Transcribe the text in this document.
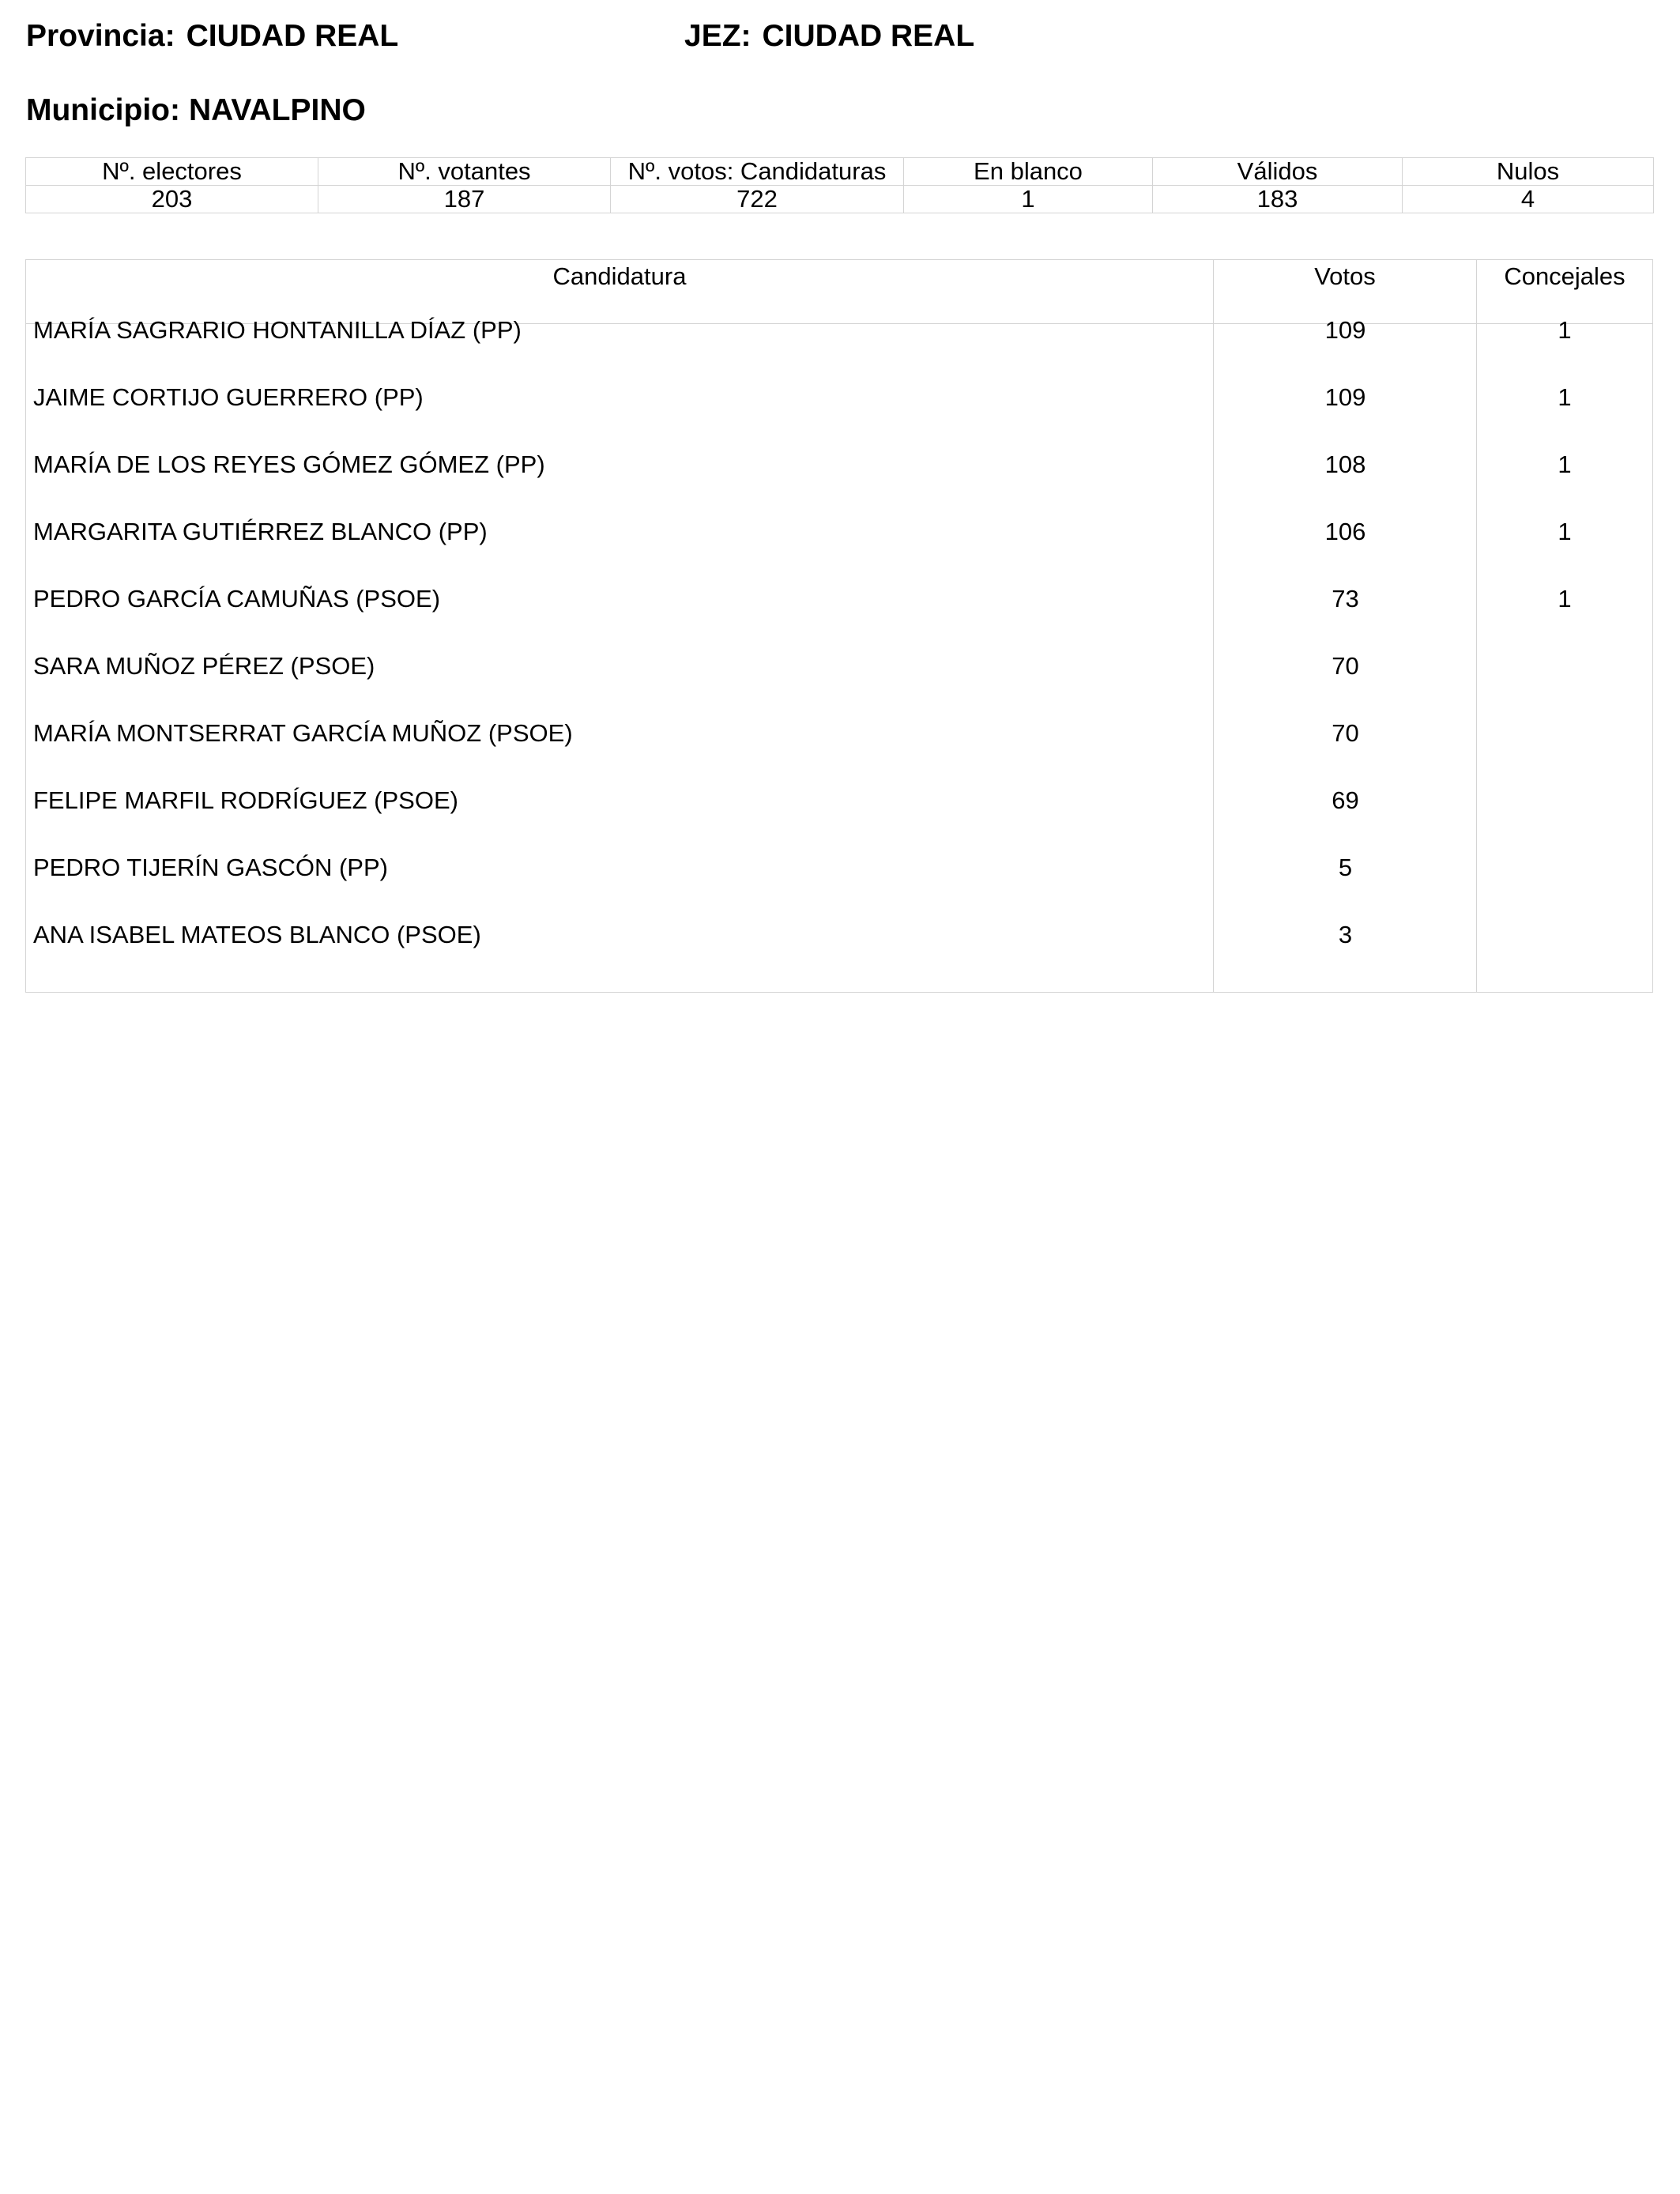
Provincia: CIUDAD REAL	JEZ: CIUDAD REAL
Municipio: NAVALPINO
Nº. electores	Nº. votantes	Nº. votos: Candidaturas	En blanco	Válidos	Nulos
203	187	722	1	183	4
Candidatura	Votos	Concejales
MARÍA SAGRARIO HONTANILLA DÍAZ (PP)	109	1
JAIME CORTIJO GUERRERO (PP)	109	1
MARÍA DE LOS REYES GÓMEZ GÓMEZ (PP)	108	1
MARGARITA GUTIÉRREZ BLANCO (PP)	106	1
PEDRO GARCÍA CAMUÑAS (PSOE)	73	1
SARA MUÑOZ PÉREZ (PSOE)	70
MARÍA MONTSERRAT GARCÍA MUÑOZ (PSOE)	70
FELIPE MARFIL RODRÍGUEZ (PSOE)	69
PEDRO TIJERÍN GASCÓN (PP)	5
ANA ISABEL MATEOS BLANCO (PSOE)	3
